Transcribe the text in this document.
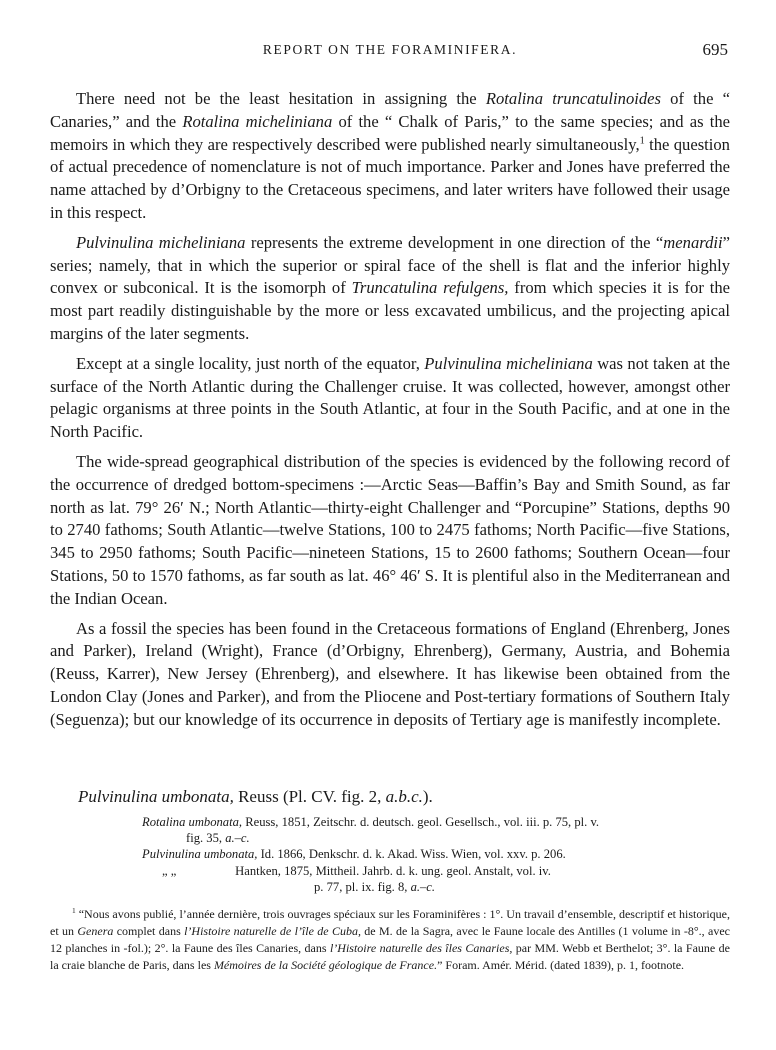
REPORT ON THE FORAMINIFERA.	695

There need not be the least hesitation in assigning the Rotalina truncatulinoides of the “ Canaries,” and the Rotalina micheliniana of the “ Chalk of Paris,” to the same species; and as the memoirs in which they are respectively described were published nearly simultaneously,$^1$ the question of actual precedence of nomenclature is not of much importance. Parker and Jones have preferred the name attached by d’Orbigny to the Cretaceous specimens, and later writers have followed their usage in this respect.

Pulvinulina micheliniana represents the extreme development in one direction of the “menardii” series; namely, that in which the superior or spiral face of the shell is flat and the inferior highly convex or subconical. It is the isomorph of Truncatulina refulgens, from which species it is for the most part readily distinguishable by the more or less excavated umbilicus, and the projecting apical margins of the later segments.

Except at a single locality, just north of the equator, Pulvinulina micheliniana was not taken at the surface of the North Atlantic during the Challenger cruise. It was collected, however, amongst other pelagic organisms at three points in the South Atlantic, at four in the South Pacific, and at one in the North Pacific.

The wide-spread geographical distribution of the species is evidenced by the following record of the occurrence of dredged bottom-specimens :—Arctic Seas—Baffin’s Bay and Smith Sound, as far north as lat. 79° 26′ N.; North Atlantic—thirty-eight Challenger and “Porcupine” Stations, depths 90 to 2740 fathoms; South Atlantic—twelve Stations, 100 to 2475 fathoms; North Pacific—five Stations, 345 to 2950 fathoms; South Pacific—nineteen Stations, 15 to 2600 fathoms; Southern Ocean—four Stations, 50 to 1570 fathoms, as far south as lat. 46° 46′ S. It is plentiful also in the Mediterranean and the Indian Ocean.

As a fossil the species has been found in the Cretaceous formations of England (Ehrenberg, Jones and Parker), Ireland (Wright), France (d’Orbigny, Ehrenberg), Germany, Austria, and Bohemia (Reuss, Karrer), New Jersey (Ehrenberg), and elsewhere. It has likewise been obtained from the London Clay (Jones and Parker), and from the Pliocene and Post-tertiary formations of Southern Italy (Seguenza); but our knowledge of its occurrence in deposits of Tertiary age is manifestly incomplete.

Pulvinulina umbonata, Reuss (Pl. CV. fig. 2, a.b.c.).
Rotalina umbonata, Reuss, 1851, Zeitschr. d. deutsch. geol. Gesellsch., vol. iii. p. 75, pl. v.
fig. 35, a.–c.
Pulvinulina umbonata, Id. 1866, Denkschr. d. k. Akad. Wiss. Wien, vol. xxv. p. 206.
„ „	Hantken, 1875, Mittheil. Jahrb. d. k. ung. geol. Anstalt, vol. iv.
p. 77, pl. ix. fig. 8, a.–c.

$^1$ “Nous avons publié, l’année dernière, trois ouvrages spéciaux sur les Foraminifères : 1°. Un travail d’ensemble, descriptif et historique, et un Genera complet dans l’Histoire naturelle de l’île de Cuba, de M. de la Sagra, avec le Faune locale des Antilles (1 volume in -8°., avec 12 planches in -fol.); 2°. la Faune des îles Canaries, dans l’Histoire naturelle des îles Canaries, par MM. Webb et Berthelot; 3°. la Faune de la craie blanche de Paris, dans les Mémoires de la Société géologique de France.” Foram. Amér. Mérid. (dated 1839), p. 1, footnote.
